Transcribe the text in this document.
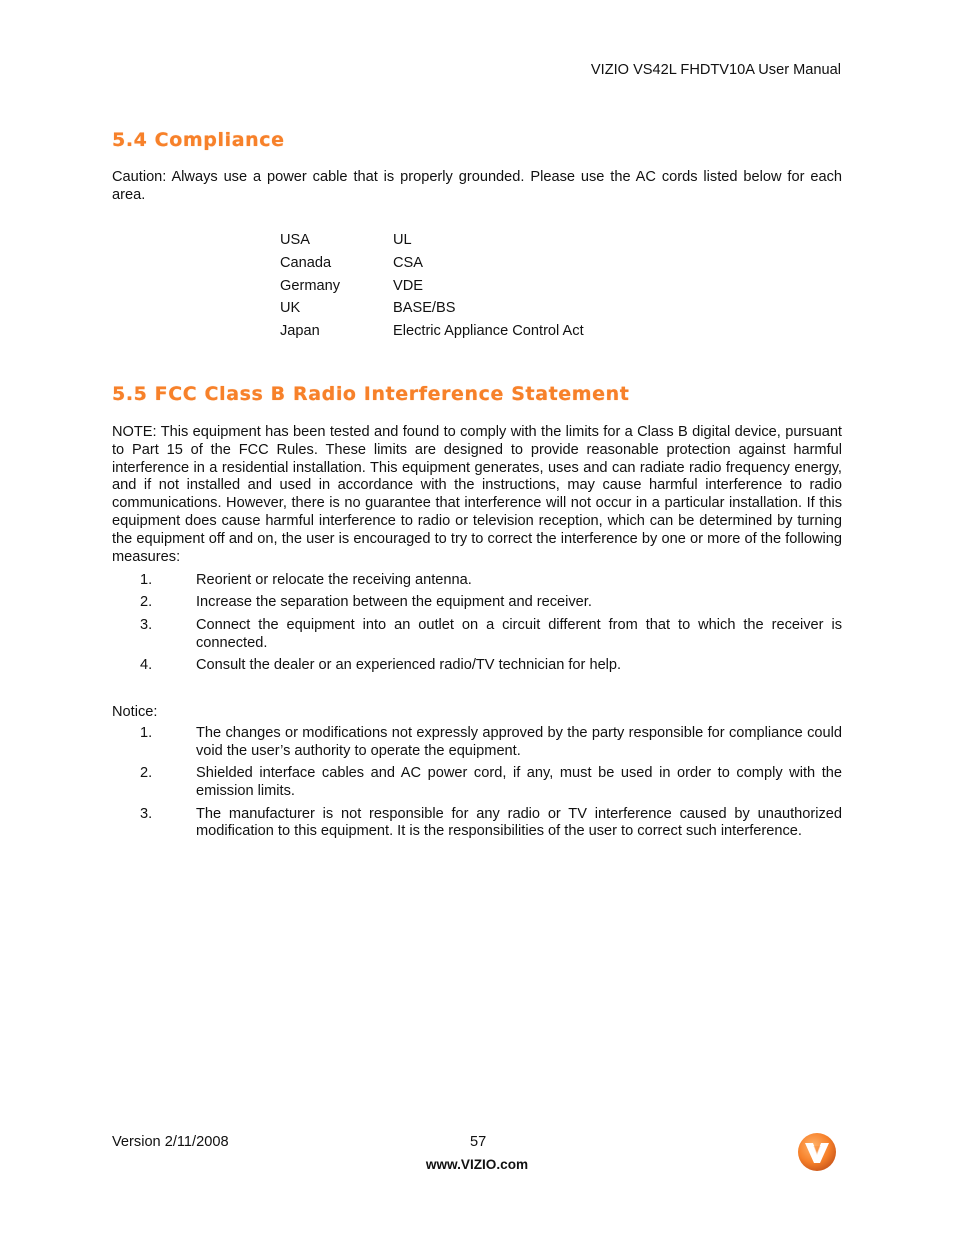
VIZIO VS42L FHDTV10A User Manual
5.4 Compliance
Caution: Always use a power cable that is properly grounded. Please use the AC cords listed below for each area.
USA	UL
Canada	CSA
Germany	VDE
UK	BASE/BS
Japan	Electric Appliance Control Act
5.5 FCC Class B Radio Interference Statement
NOTE: This equipment has been tested and found to comply with the limits for a Class B digital device, pursuant to Part 15 of the FCC Rules. These limits are designed to provide reasonable protection against harmful interference in a residential installation. This equipment generates, uses and can radiate radio frequency energy, and if not installed and used in accordance with the instructions, may cause harmful interference to radio communications. However, there is no guarantee that interference will not occur in a particular installation. If this equipment does cause harmful interference to radio or television reception, which can be determined by turning the equipment off and on, the user is encouraged to try to correct the interference by one or more of the following measures:
1.	Reorient or relocate the receiving antenna.
2.	Increase the separation between the equipment and receiver.
3.	Connect the equipment into an outlet on a circuit different from that to which the receiver is connected.
4.	Consult the dealer or an experienced radio/TV technician for help.
Notice:
1.	The changes or modifications not expressly approved by the party responsible for compliance could void the user’s authority to operate the equipment.
2.	Shielded interface cables and AC power cord, if any, must be used in order to comply with the emission limits.
3.	The manufacturer is not responsible for any radio or TV interference caused by unauthorized modification to this equipment. It is the responsibilities of the user to correct such interference.
Version 2/11/2008	57
www.VIZIO.com
